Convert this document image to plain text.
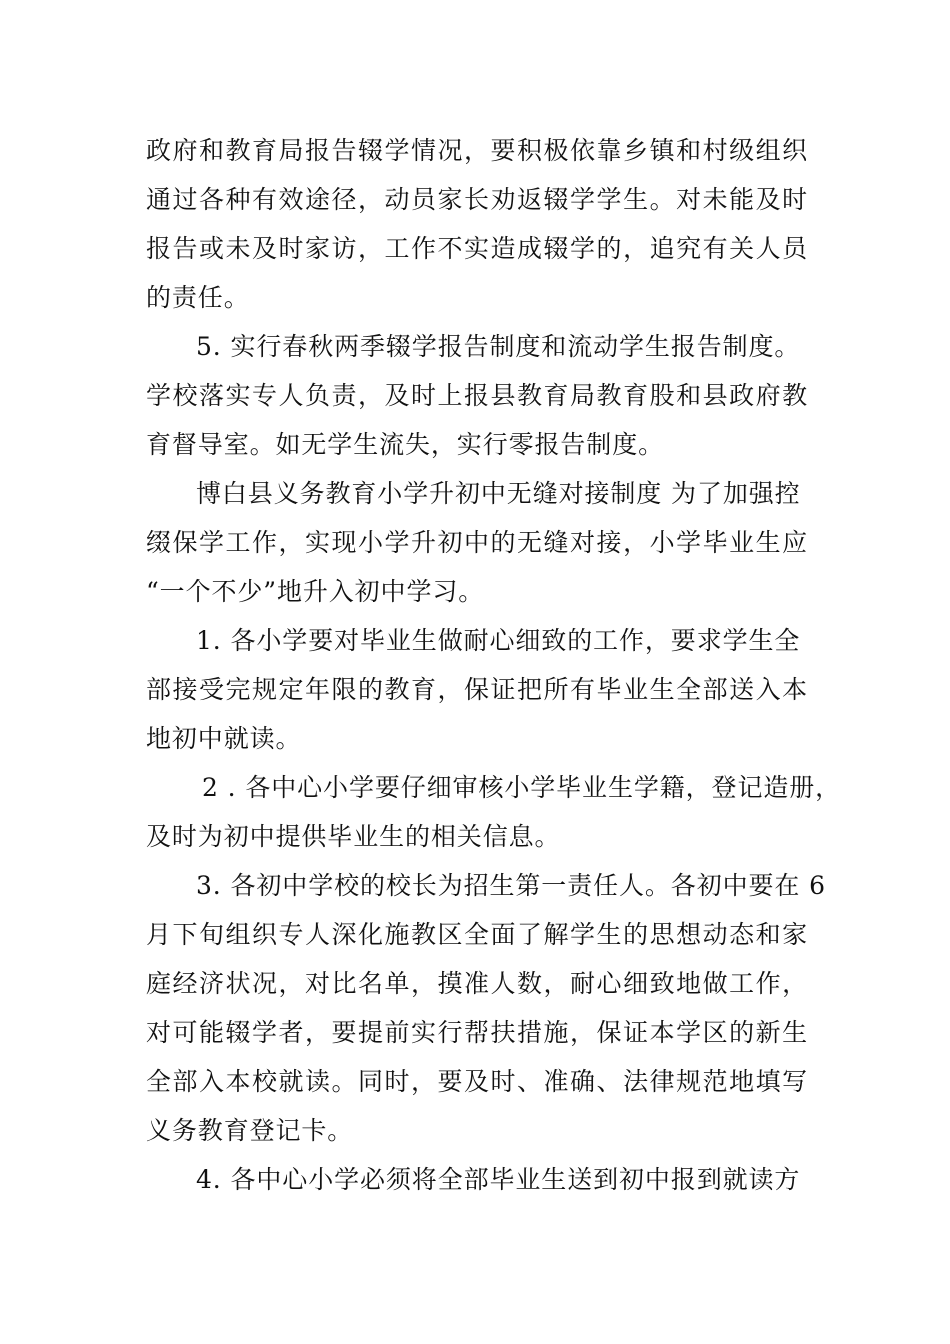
政府和教育局报告辍学情况，要积极依靠乡镇和村级组织
通过各种有效途径，动员家长劝返辍学学生。对未能及时
报告或未及时家访，工作不实造成辍学的，追究有关人员
的责任。
5. 实行春秋两季辍学报告制度和流动学生报告制度。
学校落实专人负责，及时上报县教育局教育股和县政府教
育督导室。如无学生流失，实行零报告制度。
博白县义务教育小学升初中无缝对接制度 为了加强控
缀保学工作，实现小学升初中的无缝对接，小学毕业生应
“一个不少”地升入初中学习。
1. 各小学要对毕业生做耐心细致的工作，要求学生全
部接受完规定年限的教育，保证把所有毕业生全部送入本
地初中就读。
2 . 各中心小学要仔细审核小学毕业生学籍，登记造册，
及时为初中提供毕业生的相关信息。
3. 各初中学校的校长为招生第一责任人。各初中要在 6
月下旬组织专人深化施教区全面了解学生的思想动态和家
庭经济状况，对比名单，摸准人数，耐心细致地做工作，
对可能辍学者，要提前实行帮扶措施，保证本学区的新生
全部入本校就读。同时，要及时、准确、法律规范地填写
义务教育登记卡。
4. 各中心小学必须将全部毕业生送到初中报到就读方
